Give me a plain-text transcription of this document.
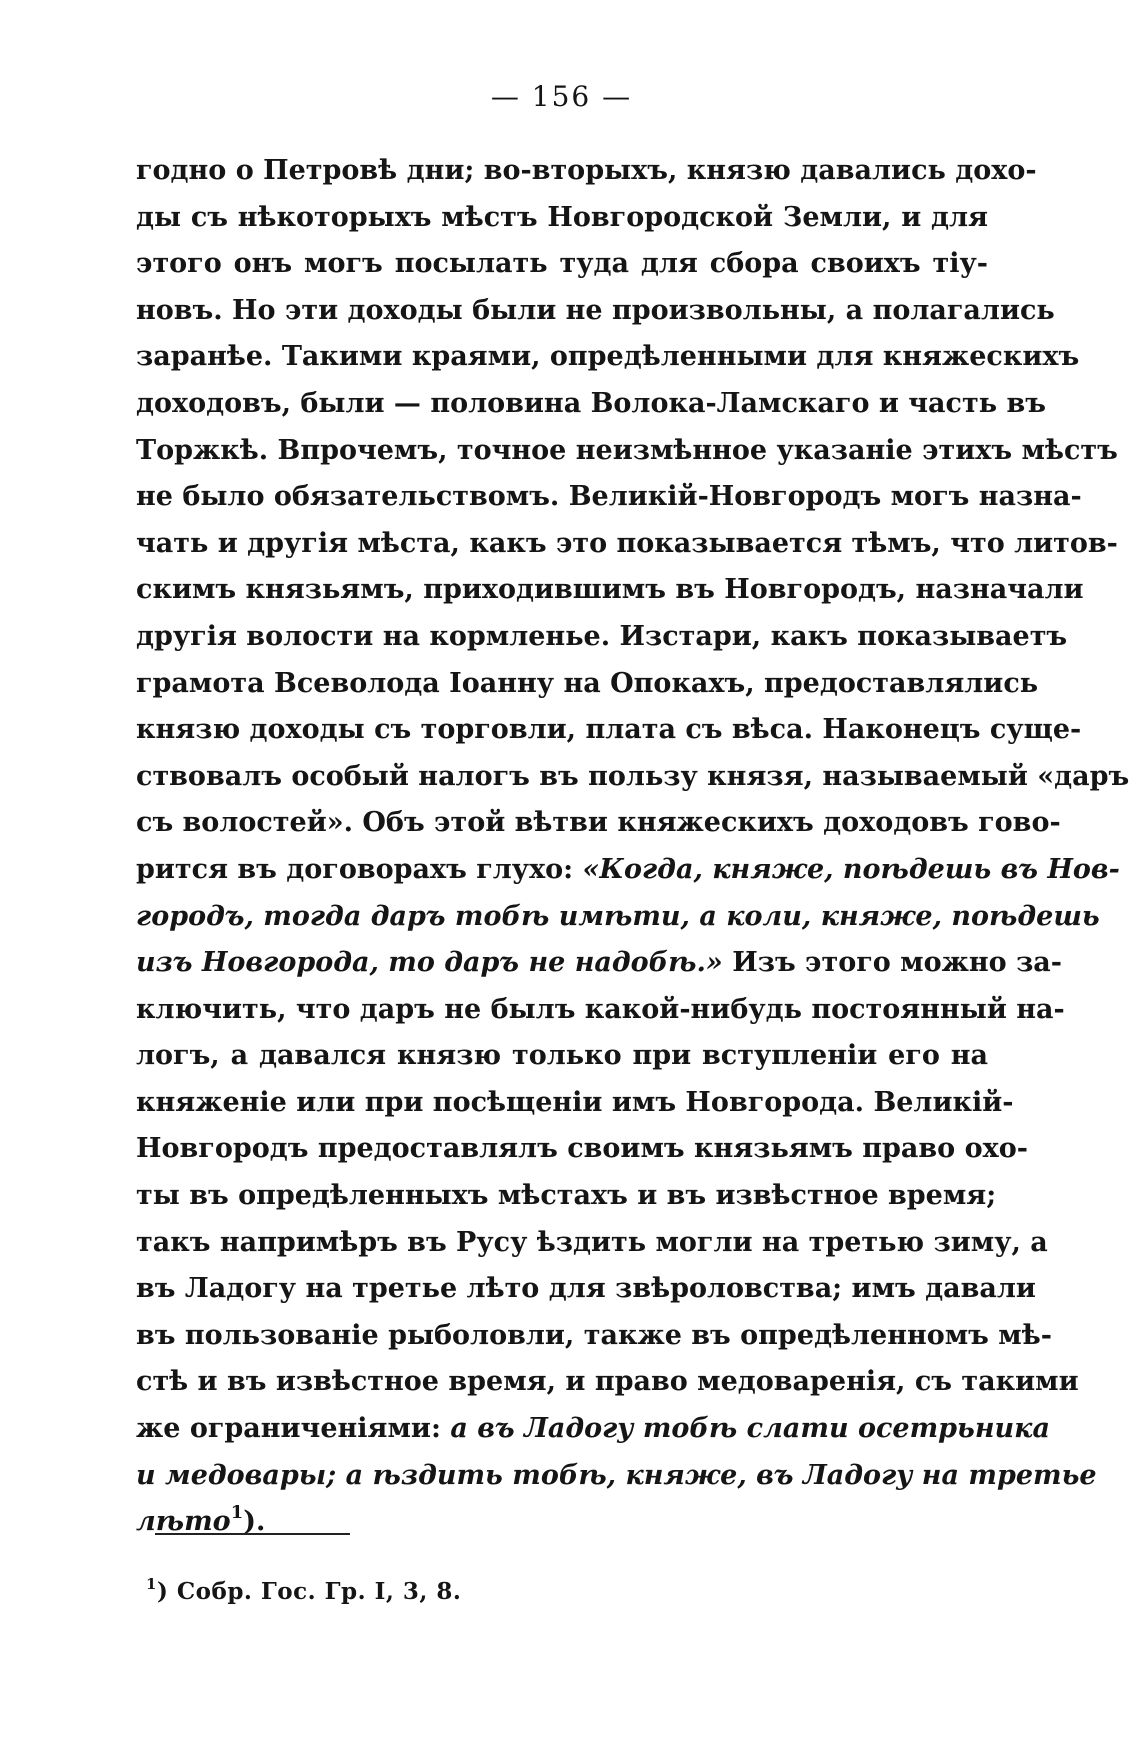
— 156 —
годно о Петровѣ дни; во-вторыхъ, князю давались дохо-
ды съ нѣкоторыхъ мѣстъ Новгородской Земли, и для
этого онъ могъ посылать туда для сбора своихъ тіу-
новъ. Но эти доходы были не произвольны, а полагались
заранѣе. Такими краями, опредѣленными для княжескихъ
доходовъ, были — половина Волока-Ламскаго и часть въ
Торжкѣ. Впрочемъ, точное неизмѣнное указаніе этихъ мѣстъ
не было обязательствомъ. Великій-Новгородъ могъ назна-
чать и другія мѣста, какъ это показывается тѣмъ, что литов-
скимъ князьямъ, приходившимъ въ Новгородъ, назначали
другія волости на кормленье. Изстари, какъ показываетъ
грамота Всеволода Іоанну на Опокахъ, предоставлялись
князю доходы съ торговли, плата съ вѣса. Наконецъ суще-
ствовалъ особый налогъ въ пользу князя, называемый «даръ
съ волостей». Объ этой вѣтви княжескихъ доходовъ гово-
рится въ договорахъ глухо: «Когда, княже, поѣдешь въ Нов-
городъ, тогда даръ тобѣ имѣти, а коли, княже, поѣдешь
изъ Новгорода, то даръ не надобѣ.» Изъ этого можно за-
ключить, что даръ не былъ какой-нибудь постоянный на-
логъ, а давался князю только при вступленіи его на
княженіе или при посѣщеніи имъ Новгорода. Великій-
Новгородъ предоставлялъ своимъ князьямъ право охо-
ты въ опредѣленныхъ мѣстахъ и въ извѣстное время;
такъ напримѣръ въ Русу ѣздить могли на третью зиму, а
въ Ладогу на третье лѣто для звѣроловства; имъ давали
въ пользованіе рыболовли, также въ опредѣленномъ мѣ-
стѣ и въ извѣстное время, и право медоваренія, съ такими
же ограниченіями: а въ Ладогу тобѣ слати осетрьника
и медовары; а ѣздить тобѣ, княже, въ Ладогу на третье
лѣто$^1$).
$^1$) Собр. Гос. Гр. I, 3, 8.
